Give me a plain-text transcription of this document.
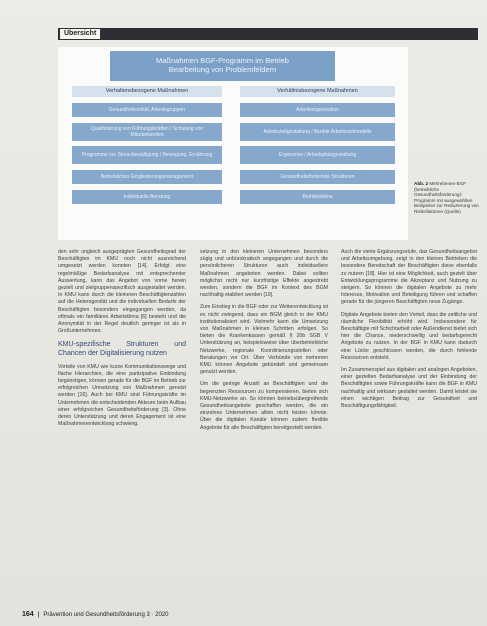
Übersicht
Maßnahmen BGF-Programm im Betrieb
Bearbeitung von Problemfeldern
Verhaltensbezogene Maßnahmen	Verhältnisbezogene Maßnahmen
Gesundheitszirkel, Arbeitsgruppen
Qualifizierung von Führungskräften / Schulung von Mitarbeitenden
Programme zur Stressbewältigung / Bewegung, Ernährung
Betriebliches Eingliederungsmanagement
Individuelle Beratung
Arbeitsorganisation
Arbeitszeitgestaltung / flexible Arbeitszeitmodelle
Ergonomie / Arbeitsplatzgestaltung
Gesundheitsfördernde Strukturen
Betriebsklima
Abb. 2 Mehrebenen-BGF (betriebliche Gesundheitsförderung)-Programm mit ausgewählten Beispielen zur Reduzierung von Risikofaktoren (Quelle)

den sehr ungleich ausgeprägten Gesundheitsgrad der Beschäftigten im KMU noch nicht ausreichend umgesetzt werden konnten [14]. Erfolgt eine regelmäßige Bedarfsanalyse mit entsprechender Auswertung, kann das Angebot von vorne herein gezielt und zielgruppenspezifisch ausgestaltet werden. In KMU kann durch die kleineren Beschäftigtenzahlen auf die Heterogenität und die individuellen Bedarfe der Beschäftigten besonders eingegangen werden, da oftmals ein familiäres Arbeitsklima [6] besteht und die Anonymität in der Regel deutlich geringer ist als in Großunternehmen.

KMU-spezifische Strukturen und Chancen der Digitalisierung nutzen

Vorteile von KMU wie kurze Kommunikationswege und flache Hierarchien, die eine partizipative Einbindung begünstigen, können gerade für die BGF im Betrieb zur erfolgreichen Umsetzung von Maßnahmen genutzt werden [16]. Auch bei KMU sind Führungskräfte im Unternehmen die entscheidenden Akteure beim Aufbau einer erfolgreichen Gesundheitsförderung [3]. Ohne deren Unterstützung und deren Engagement ist eine Maßnahmenentwicklung schwierig.

setzung in den kleineren Unternehmen besonders zügig und unbürokratisch angegangen und durch die persönlicheren Strukturen auch individuellere Maßnahmen angeboten werden. Dabei sollten möglichst nicht nur kurzfristige Effekte angestrebt werden, sondern die BGF im Kontext des BGM nachhaltig etabliert werden [19].

Zum Einstieg in die BGF oder zur Weiterentwicklung ist es nicht zwingend, dass ein BGM gleich in der KMU institutionalisiert wird. Vielmehr kann die Umsetzung von Maßnahmen in kleinen Schritten erfolgen. So bieten die Krankenkassen gemäß § 20b SGB V Unterstützung an, beispielsweise über überbetriebliche Netzwerke, regionale Koordinierungsstellen oder Beratungen vor Ort. Über Verbünde von mehreren KMU können Angebote gebündelt und gemeinsam genutzt werden.

Um die geringe Anzahl an Beschäftigten und die begrenzten Ressourcen zu kompensieren, bieten sich KMU-Netzwerke an. So können betriebsübergreifende Gesundheitsangebote geschaffen werden, die ein einzelnes Unternehmen allein nicht leisten könnte. Über die digitalen Kanäle können zudem flexible Angebote für alle Beschäftigten bereitgestellt werden.

Auch die vierte Ergänzungsstufe, das Gesundheitsangebot und Arbeitsumgebung, zeigt in den kleinen Betrieben die besondere Bereitschaft der Beschäftigten diese ebenfalls zu nutzen [18]. Hier ist eine Möglichkeit, auch gezielt über Entwicklungsprogramme die Akzeptanz und Nutzung zu steigern. So können die digitalen Angebote zu mehr Interesse, Motivation und Beteiligung führen und schaffen gerade für die jüngeren Beschäftigten neue Zugänge.

Digitale Angebote bieten den Vorteil, dass die zeitliche und räumliche Flexibilität erhöht wird. Insbesondere für Beschäftigte mit Schichtarbeit oder Außendienst bietet sich hier die Chance, niederschwellig und bedarfsgerecht Angebote zu nutzen. In der BGF in KMU kann dadurch eine Lücke geschlossen werden, die durch fehlende Ressourcen entsteht.

Im Zusammenspiel aus digitalen und analogen Angeboten, einer gezielten Bedarfsanalyse und der Einbindung der Beschäftigten sowie Führungskräfte kann die BGF in KMU nachhaltig und wirksam gestaltet werden. Damit leistet sie einen wichtigen Beitrag zur Gesundheit und Beschäftigungsfähigkeit.

164 | Prävention und Gesundheitsförderung 3 · 2020
